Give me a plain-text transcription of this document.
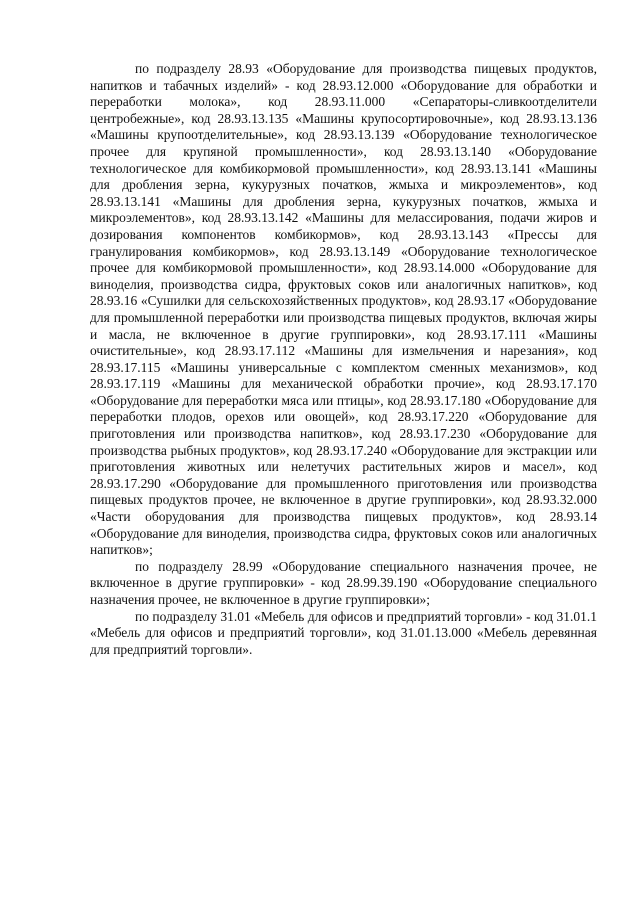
по подразделу 28.93 «Оборудование для производства пищевых продуктов, напитков и табачных изделий» - код 28.93.12.000 «Оборудование для обработки и переработки молока», код 28.93.11.000 «Сепараторы-сливкоотделители центробежные», код 28.93.13.135 «Машины крупосортировочные», код 28.93.13.136 «Машины крупоотделительные», код 28.93.13.139 «Оборудование технологическое прочее для крупяной промышленности», код 28.93.13.140 «Оборудование технологическое для комбикормовой промышленности», код 28.93.13.141 «Машины для дробления зерна, кукурузных початков, жмыха и микроэлементов», код 28.93.13.141 «Машины для дробления зерна, кукурузных початков, жмыха и микроэлементов», код 28.93.13.142 «Машины для мелассирования, подачи жиров и дозирования компонентов комбикормов», код 28.93.13.143 «Прессы для гранулирования комбикормов», код 28.93.13.149 «Оборудование технологическое прочее для комбикормовой промышленности», код 28.93.14.000 «Оборудование для виноделия, производства сидра, фруктовых соков или аналогичных напитков», код 28.93.16 «Сушилки для сельскохозяйственных продуктов», код 28.93.17 «Оборудование для промышленной переработки или производства пищевых продуктов, включая жиры и масла, не включенное в другие группировки», код 28.93.17.111 «Машины очистительные», код 28.93.17.112 «Машины для измельчения и нарезания», код 28.93.17.115 «Машины универсальные с комплектом сменных механизмов», код 28.93.17.119 «Машины для механической обработки прочие», код 28.93.17.170 «Оборудование для переработки мяса или птицы», код 28.93.17.180 «Оборудование для переработки плодов, орехов или овощей», код 28.93.17.220 «Оборудование для приготовления или производства напитков», код 28.93.17.230 «Оборудование для производства рыбных продуктов», код 28.93.17.240 «Оборудование для экстракции или приготовления животных или нелетучих растительных жиров и масел», код 28.93.17.290 «Оборудование для промышленного приготовления или производства пищевых продуктов прочее, не включенное в другие группировки», код 28.93.32.000 «Части оборудования для производства пищевых продуктов», код 28.93.14 «Оборудование для виноделия, производства сидра, фруктовых соков или аналогичных напитков»;

по подразделу 28.99 «Оборудование специального назначения прочее, не включенное в другие группировки» - код 28.99.39.190 «Оборудование специального назначения прочее, не включенное в другие группировки»;

по подразделу 31.01 «Мебель для офисов и предприятий торговли» - код 31.01.1 «Мебель для офисов и предприятий торговли», код 31.01.13.000 «Мебель деревянная для предприятий торговли».
